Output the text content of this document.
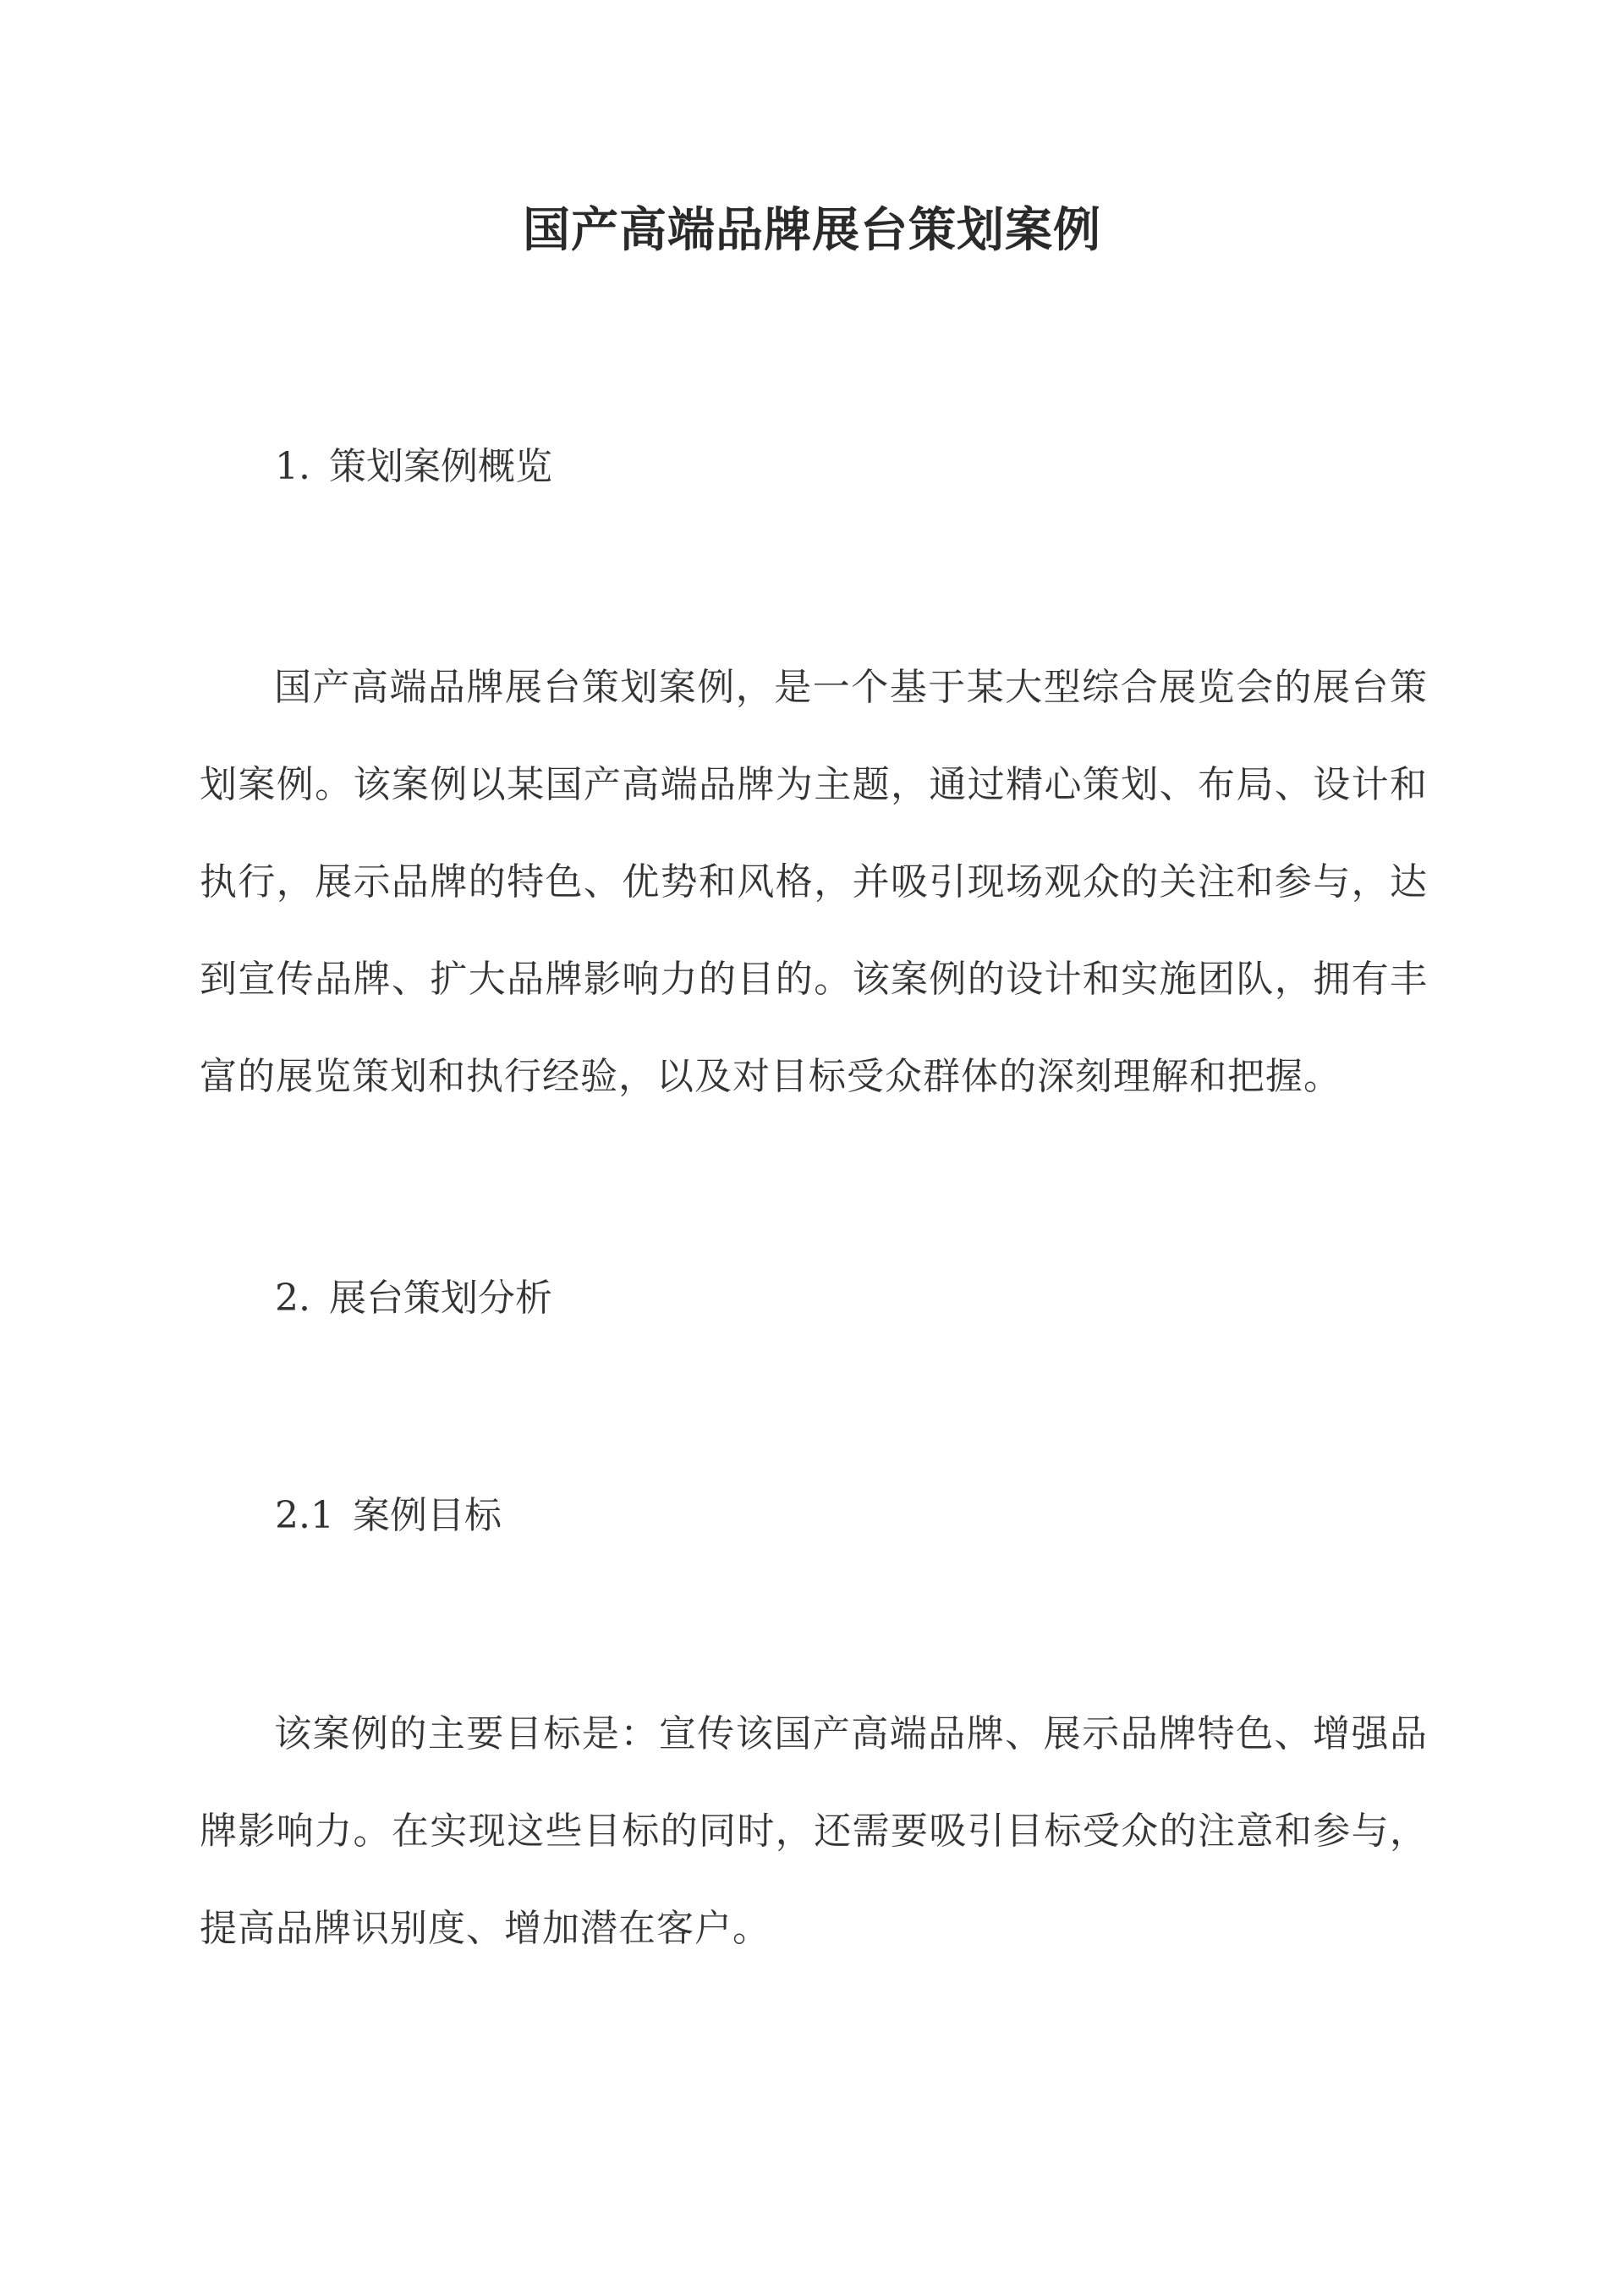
国产高端品牌展台策划案例
1. 策划案例概览

国产高端品牌展台策划案例，是一个基于某大型综合展览会的展台策划案例。该案例以某国产高端品牌为主题，通过精心策划、布局、设计和执行，展示品牌的特色、优势和风格，并吸引现场观众的关注和参与，达到宣传品牌、扩大品牌影响力的目的。该案例的设计和实施团队，拥有丰富的展览策划和执行经验，以及对目标受众群体的深刻理解和把握。

2. 展台策划分析
2.1 案例目标

该案例的主要目标是：宣传该国产高端品牌、展示品牌特色、增强品牌影响力。在实现这些目标的同时，还需要吸引目标受众的注意和参与，提高品牌识别度、增加潜在客户。
